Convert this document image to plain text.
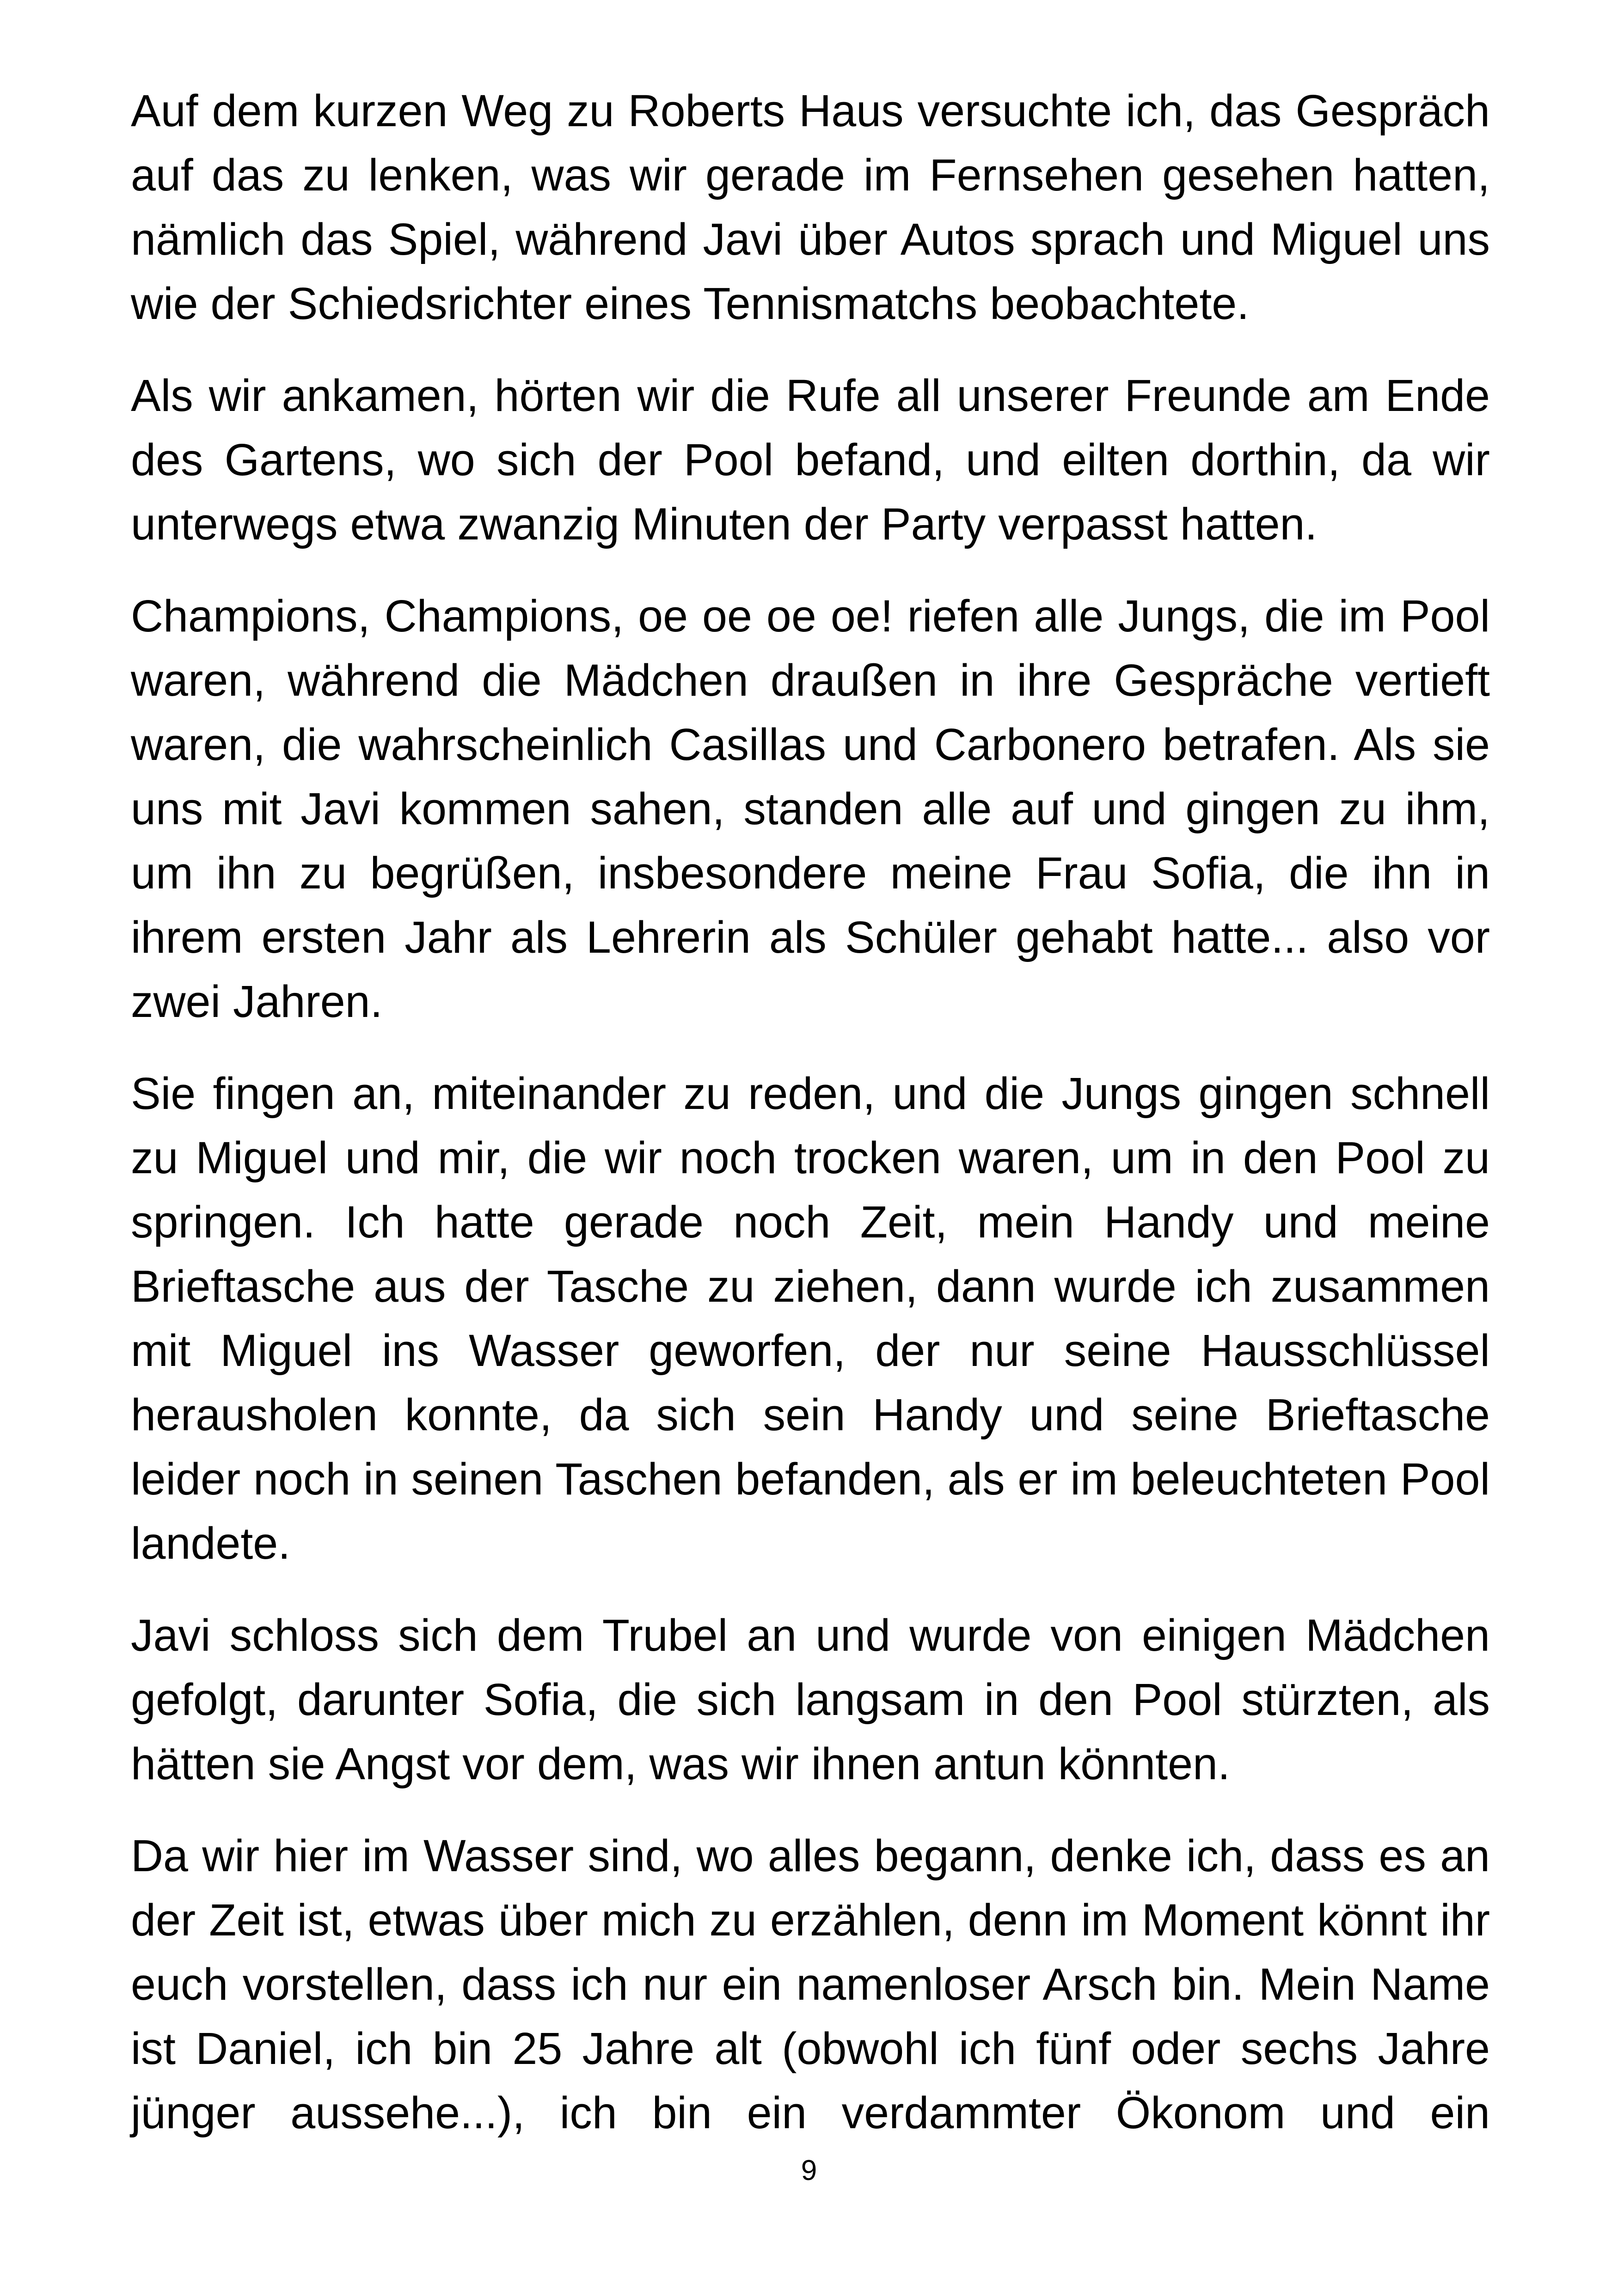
Auf dem kurzen Weg zu Roberts Haus versuchte ich, das Gespräch auf das zu lenken, was wir gerade im Fernsehen gesehen hatten, nämlich das Spiel, während Javi über Autos sprach und Miguel uns wie der Schiedsrichter eines Tennismatchs beobachtete.

Als wir ankamen, hörten wir die Rufe all unserer Freunde am Ende des Gartens, wo sich der Pool befand, und eilten dorthin, da wir unterwegs etwa zwanzig Minuten der Party verpasst hatten.

Champions, Champions, oe oe oe oe! riefen alle Jungs, die im Pool waren, während die Mädchen draußen in ihre Gespräche vertieft waren, die wahrscheinlich Casillas und Carbonero betrafen. Als sie uns mit Javi kommen sahen, standen alle auf und gingen zu ihm, um ihn zu begrüßen, insbesondere meine Frau Sofia, die ihn in ihrem ersten Jahr als Lehrerin als Schüler gehabt hatte... also vor zwei Jahren.

Sie fingen an, miteinander zu reden, und die Jungs gingen schnell zu Miguel und mir, die wir noch trocken waren, um in den Pool zu springen. Ich hatte gerade noch Zeit, mein Handy und meine Brieftasche aus der Tasche zu ziehen, dann wurde ich zusammen mit Miguel ins Wasser geworfen, der nur seine Hausschlüssel herausholen konnte, da sich sein Handy und seine Brieftasche leider noch in seinen Taschen befanden, als er im beleuchteten Pool landete.

Javi schloss sich dem Trubel an und wurde von einigen Mädchen gefolgt, darunter Sofia, die sich langsam in den Pool stürzten, als hätten sie Angst vor dem, was wir ihnen antun könnten.

Da wir hier im Wasser sind, wo alles begann, denke ich, dass es an der Zeit ist, etwas über mich zu erzählen, denn im Moment könnt ihr euch vorstellen, dass ich nur ein namenloser Arsch bin. Mein Name ist Daniel, ich bin 25 Jahre alt (obwohl ich fünf oder sechs Jahre jünger aussehe...), ich bin ein verdammter Ökonom und ein

9
